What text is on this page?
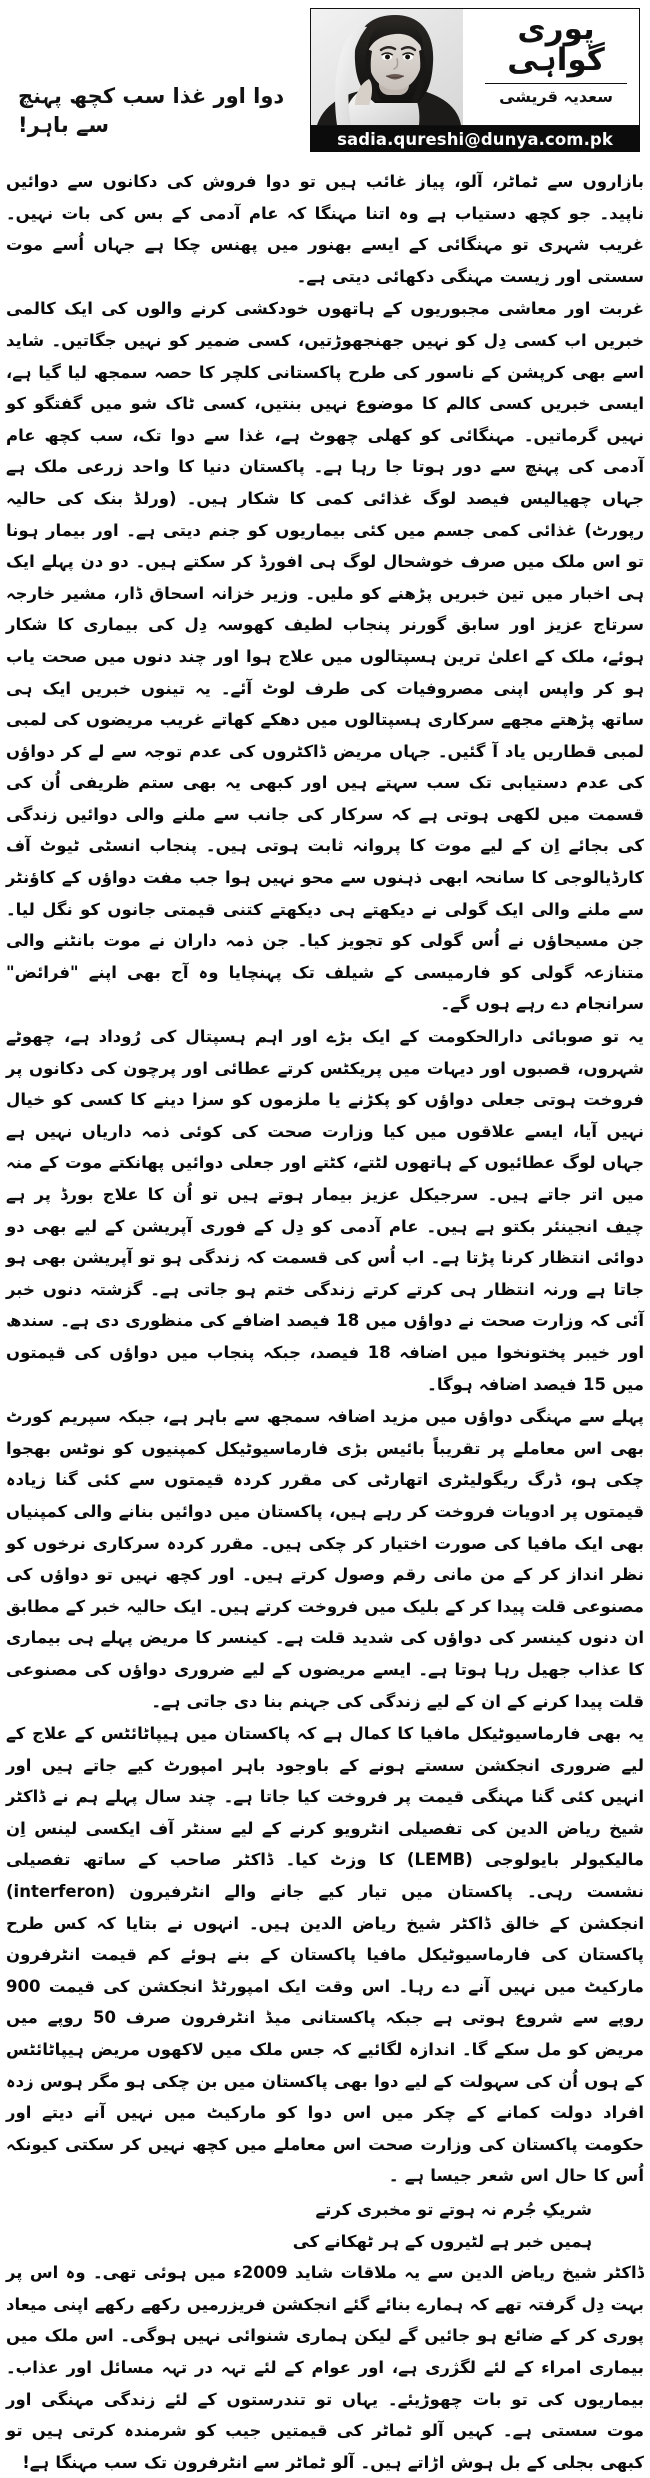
دوا اور غذا سب کچھ پہنچ سے باہر!
پوری
گواہی
سعدیہ قریشی
sadia.qureshi@dunya.com.pk

بازاروں سے ٹماٹر، آلو، پیاز غائب ہیں تو دوا فروش کی دکانوں سے دوائیں ناپید۔ جو کچھ دستیاب ہے وہ اتنا مہنگا کہ عام آدمی کے بس کی بات نہیں۔ غریب شہری تو مہنگائی کے ایسے بھنور میں پھنس چکا ہے جہاں اُسے موت سستی اور زیست مہنگی دکھائی دیتی ہے۔

غربت اور معاشی مجبوریوں کے ہاتھوں خودکشی کرنے والوں کی ایک کالمی خبریں اب کسی دِل کو نہیں جھنجھوڑتیں، کسی ضمیر کو نہیں جگاتیں۔ شاید اسے بھی کرپشن کے ناسور کی طرح پاکستانی کلچر کا حصہ سمجھ لیا گیا ہے، ایسی خبریں کسی کالم کا موضوع نہیں بنتیں، کسی ٹاک شو میں گفتگو کو نہیں گرماتیں۔ مہنگائی کو کھلی چھوٹ ہے، غذا سے دوا تک، سب کچھ عام آدمی کی پہنچ سے دور ہوتا جا رہا ہے۔ پاکستان دنیا کا واحد زرعی ملک ہے جہاں چھیالیس فیصد لوگ غذائی کمی کا شکار ہیں۔ (ورلڈ بنک کی حالیہ رپورٹ) غذائی کمی جسم میں کئی بیماریوں کو جنم دیتی ہے۔ اور بیمار ہونا تو اس ملک میں صرف خوشحال لوگ ہی افورڈ کر سکتے ہیں۔ دو دن پہلے ایک ہی اخبار میں تین خبریں پڑھنے کو ملیں۔ وزیر خزانہ اسحاق ڈار، مشیر خارجہ سرتاج عزیز اور سابق گورنر پنجاب لطیف کھوسہ دِل کی بیماری کا شکار ہوئے، ملک کے اعلیٰ ترین ہسپتالوں میں علاج ہوا اور چند دنوں میں صحت یاب ہو کر واپس اپنی مصروفیات کی طرف لوٹ آئے۔ یہ تینوں خبریں ایک ہی ساتھ پڑھتے مجھے سرکاری ہسپتالوں میں دھکے کھاتے غریب مریضوں کی لمبی لمبی قطاریں یاد آ گئیں۔ جہاں مریض ڈاکٹروں کی عدم توجہ سے لے کر دواؤں کی عدم دستیابی تک سب سہتے ہیں اور کبھی یہ بھی ستم ظریفی اُن کی قسمت میں لکھی ہوتی ہے کہ سرکار کی جانب سے ملنے والی دوائیں زندگی کی بجائے اِن کے لیے موت کا پروانہ ثابت ہوتی ہیں۔ پنجاب انسٹی ٹیوٹ آف کارڈیالوجی کا سانحہ ابھی ذہنوں سے محو نہیں ہوا جب مفت دواؤں کے کاؤنٹر سے ملنے والی ایک گولی نے دیکھتے ہی دیکھتے کتنی قیمتی جانوں کو نگل لیا۔ جن مسیحاؤں نے اُس گولی کو تجویز کیا۔ جن ذمہ داران نے موت بانٹنے والی متنازعہ گولی کو فارمیسی کے شیلف تک پہنچایا وہ آج بھی اپنے "فرائض" سرانجام دے رہے ہوں گے۔

یہ تو صوبائی دارالحکومت کے ایک بڑے اور اہم ہسپتال کی رُوداد ہے، چھوٹے شہروں، قصبوں اور دیہات میں پریکٹس کرتے عطائی اور پرچون کی دکانوں پر فروخت ہوتی جعلی دواؤں کو پکڑنے یا ملزموں کو سزا دینے کا کسی کو خیال نہیں آیا، ایسے علاقوں میں کیا وزارت صحت کی کوئی ذمہ داریاں نہیں ہے جہاں لوگ عطائیوں کے ہاتھوں لٹتے، کٹتے اور جعلی دوائیں پھانکتے موت کے منہ میں اتر جاتے ہیں۔ سرجیکل عزیز بیمار ہوتے ہیں تو اُن کا علاج بورڈ پر ہے چیف انجینئر بکتو ہے ہیں۔ عام آدمی کو دِل کے فوری آپریشن کے لیے بھی دو دوائی انتظار کرنا پڑتا ہے۔ اب اُس کی قسمت کہ زندگی ہو تو آپریشن بھی ہو جاتا ہے ورنہ انتظار ہی کرتے کرتے زندگی ختم ہو جاتی ہے۔ گزشتہ دنوں خبر آئی کہ وزارت صحت نے دواؤں میں 18 فیصد اضافے کی منظوری دی ہے۔ سندھ اور خیبر پختونخوا میں اضافہ 18 فیصد، جبکہ پنجاب میں دواؤں کی قیمتوں میں 15 فیصد اضافہ ہوگا۔

پہلے سے مہنگی دواؤں میں مزید اضافہ سمجھ سے باہر ہے، جبکہ سپریم کورٹ بھی اس معاملے پر تقریباً بائیس بڑی فارماسیوٹیکل کمپنیوں کو نوٹس بھجوا چکی ہو، ڈرگ ریگولیٹری اتھارٹی کی مقرر کردہ قیمتوں سے کئی گنا زیادہ قیمتوں پر ادویات فروخت کر رہے ہیں، پاکستان میں دوائیں بنانے والی کمپنیاں بھی ایک مافیا کی صورت اختیار کر چکی ہیں۔ مقرر کردہ سرکاری نرخوں کو نظر انداز کر کے من مانی رقم وصول کرتے ہیں۔ اور کچھ نہیں تو دواؤں کی مصنوعی قلت پیدا کر کے بلیک میں فروخت کرتے ہیں۔ ایک حالیہ خبر کے مطابق ان دنوں کینسر کی دواؤں کی شدید قلت ہے۔ کینسر کا مریض پہلے ہی بیماری کا عذاب جھیل رہا ہوتا ہے۔ ایسے مریضوں کے لیے ضروری دواؤں کی مصنوعی قلت پیدا کرنے کے ان کے لیے زندگی کی جہنم بنا دی جاتی ہے۔

یہ بھی فارماسیوٹیکل مافیا کا کمال ہے کہ پاکستان میں ہیپاٹائٹس کے علاج کے لیے ضروری انجکشن سستے ہونے کے باوجود باہر امپورٹ کیے جاتے ہیں اور انہیں کئی گنا مہنگی قیمت پر فروخت کیا جاتا ہے۔ چند سال پہلے ہم نے ڈاکٹر شیخ ریاض الدین کی تفصیلی انٹرویو کرنے کے لیے سنٹر آف ایکسی لینس اِن مالیکیولر بایولوجی (LEMB) کا وزٹ کیا۔ ڈاکٹر صاحب کے ساتھ تفصیلی نشست رہی۔ پاکستان میں تیار کیے جانے والے انٹرفیرون (interferon) انجکشن کے خالق ڈاکٹر شیخ ریاض الدین ہیں۔ انہوں نے بتایا کہ کس طرح پاکستان کی فارماسیوٹیکل مافیا پاکستان کے بنے ہوئے کم قیمت انٹرفرون مارکیٹ میں نہیں آنے دے رہا۔ اس وقت ایک امپورٹڈ انجکشن کی قیمت 900 روپے سے شروع ہوتی ہے جبکہ پاکستانی میڈ انٹرفرون صرف 50 روپے میں مریض کو مل سکے گا۔ اندازہ لگائیے کہ جس ملک میں لاکھوں مریض ہیپاٹائٹس کے ہوں اُن کی سہولت کے لیے دوا بھی پاکستان میں بن چکی ہو مگر ہوس زدہ افراد دولت کمانے کے چکر میں اس دوا کو مارکیٹ میں نہیں آنے دیتے اور حکومت پاکستان کی وزارت صحت اس معاملے میں کچھ نہیں کر سکتی کیونکہ اُس کا حال اس شعر جیسا ہے ۔

شریکِ جُرم نہ ہوتے تو مخبری کرتے
ہمیں خبر ہے لٹیروں کے ہر ٹھکانے کی

ڈاکٹر شیخ ریاض الدین سے یہ ملاقات شاید 2009ء میں ہوئی تھی۔ وہ اس پر بہت دِل گرفتہ تھے کہ ہمارے بنائے گئے انجکشن فریزرمیں رکھے رکھے اپنی میعاد پوری کر کے ضائع ہو جائیں گے لیکن ہماری شنوائی نہیں ہوگی۔ اس ملک میں بیماری امراء کے لئے لگژری ہے، اور عوام کے لئے تہہ در تہہ مسائل اور عذاب۔ بیماریوں کی تو بات چھوڑیئے۔ یہاں تو تندرستوں کے لئے زندگی مہنگی اور موت سستی ہے۔ کہیں آلو ٹماٹر کی قیمتیں جیب کو شرمندہ کرتی ہیں تو کبھی بجلی کے بل ہوش اڑاتے ہیں۔ آلو ٹماٹر سے انٹرفرون تک سب مہنگا ہے!
